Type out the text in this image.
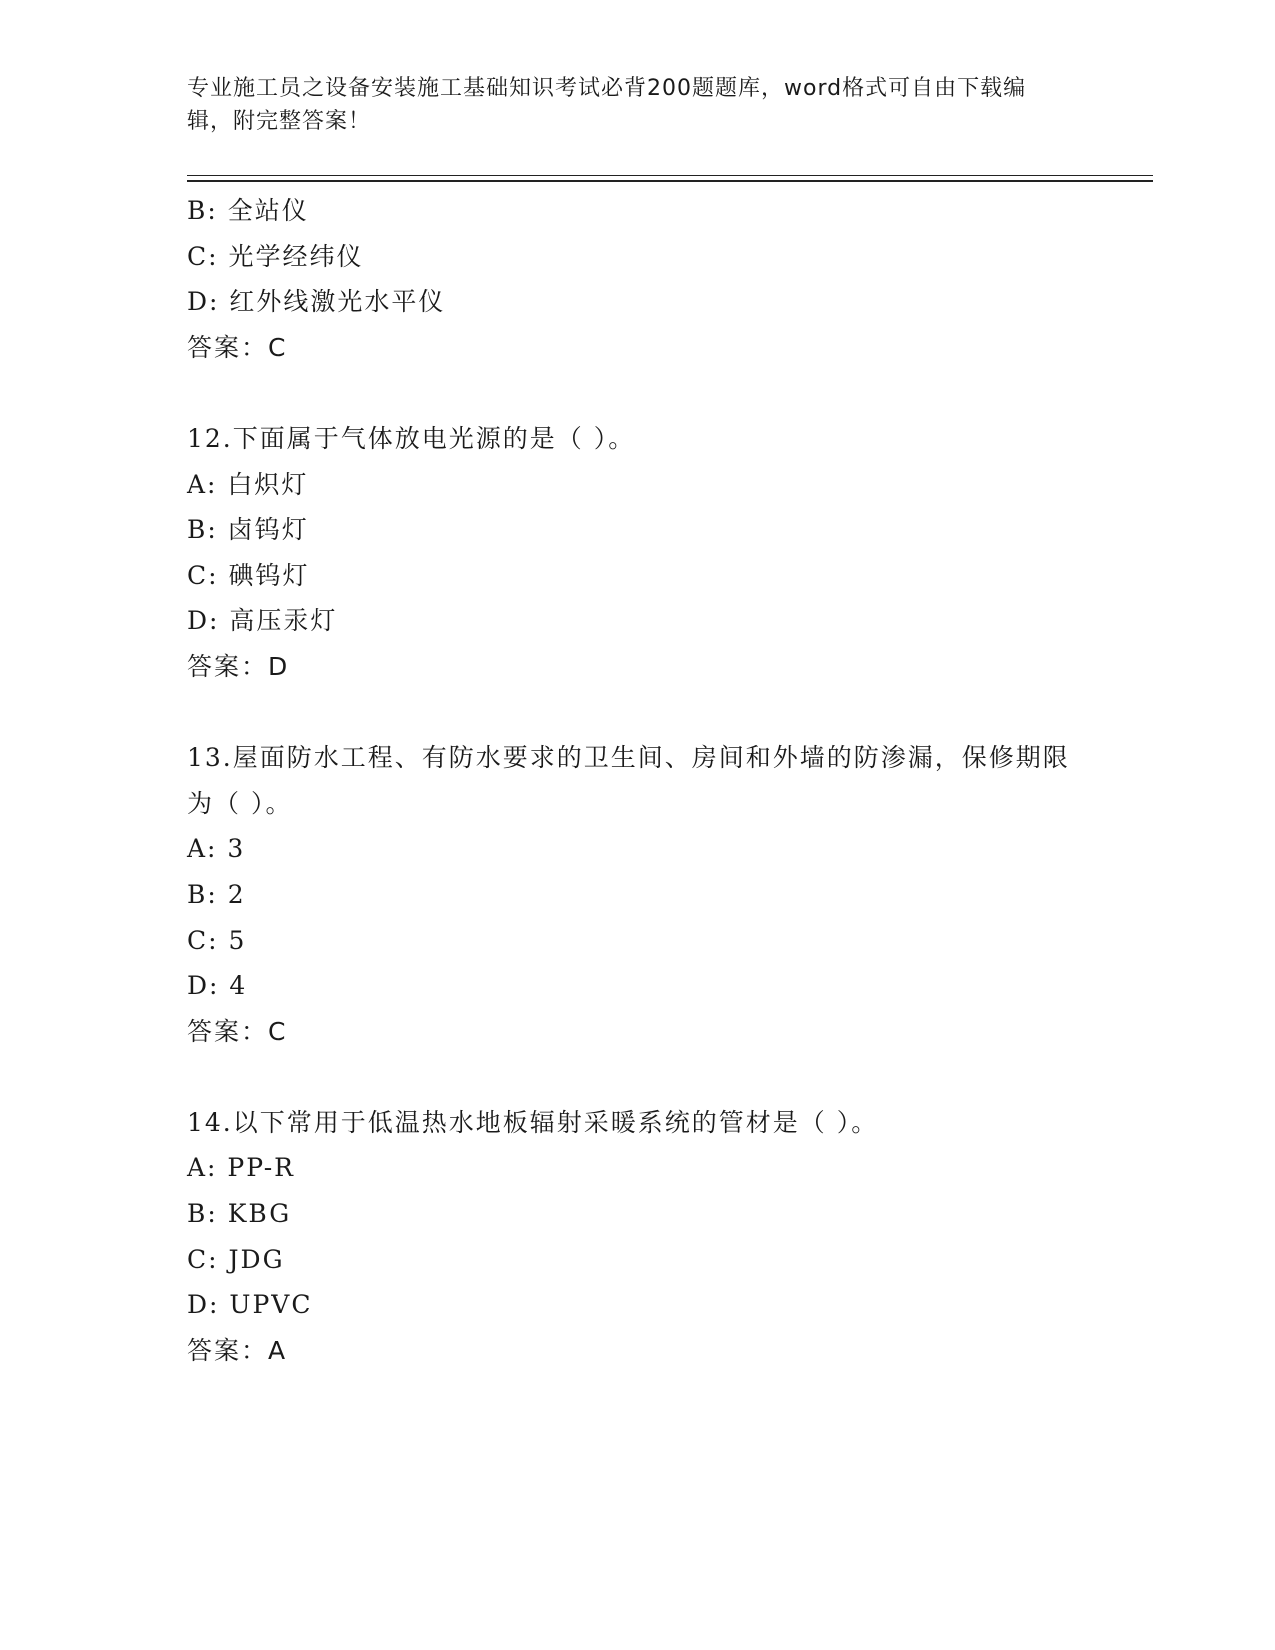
专业施工员之设备安装施工基础知识考试必背200题题库，word格式可自由下载编辑，附完整答案！
B: 全站仪
C: 光学经纬仪
D: 红外线激光水平仪
答案：C
12.下面属于气体放电光源的是（ ）。
A: 白炽灯
B: 卤钨灯
C: 碘钨灯
D: 高压汞灯
答案：D
13.屋面防水工程、有防水要求的卫生间、房间和外墙的防渗漏，保修期限为（ ）。
A: 3
B: 2
C: 5
D: 4
答案：C
14.以下常用于低温热水地板辐射采暖系统的管材是（ ）。
A: PP-R
B: KBG
C: JDG
D: UPVC
答案：A
